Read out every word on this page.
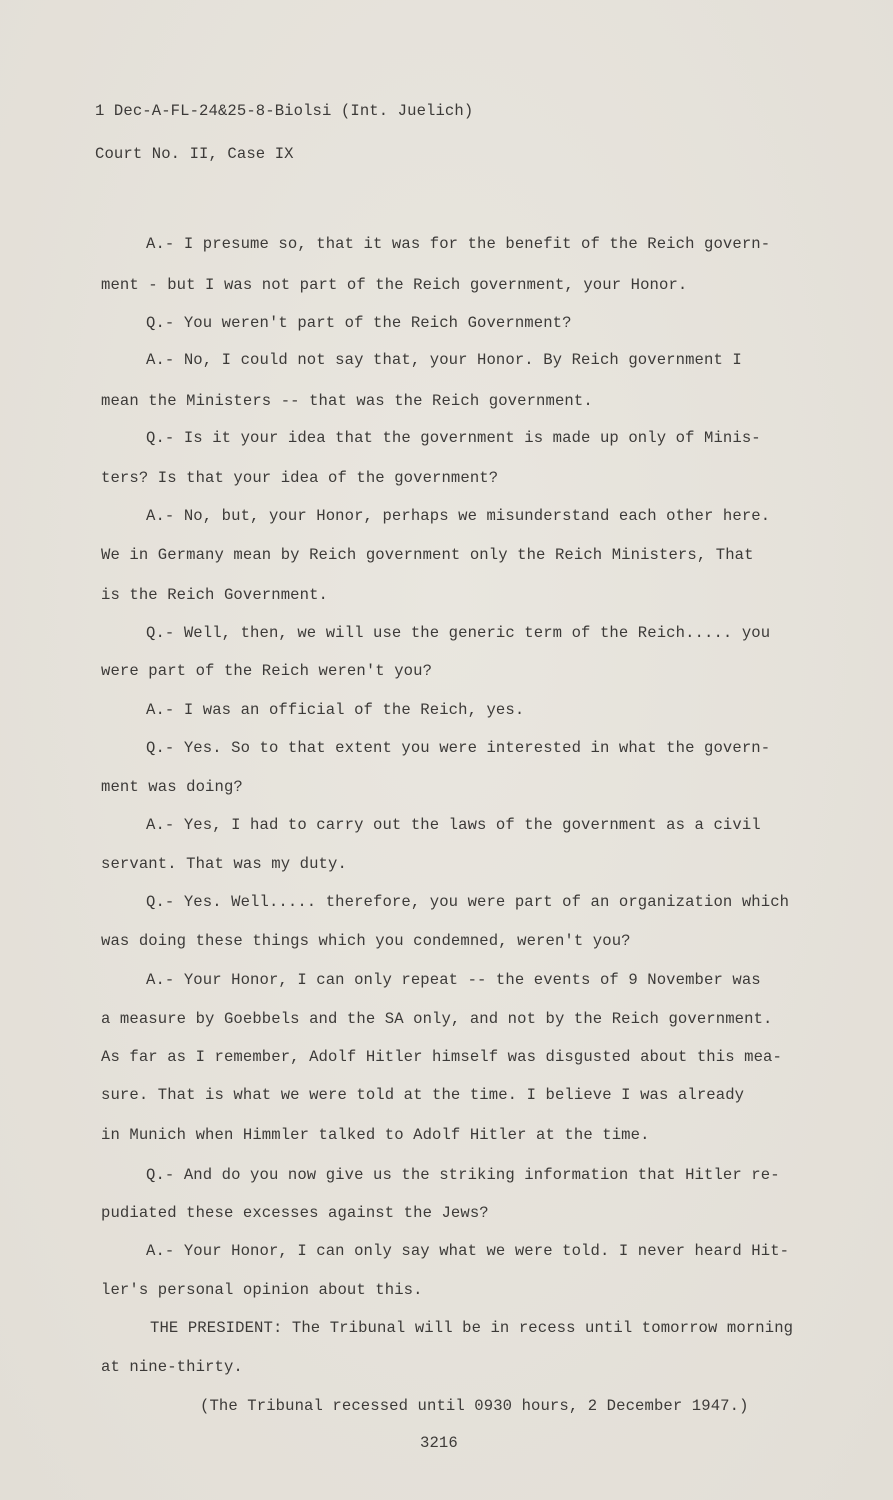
1 Dec-A-FL-24&25-8-Biolsi (Int. Juelich)
Court No. II, Case IX
A.- I presume so, that it was for the benefit of the Reich govern-
ment - but I was not part of the Reich government, your Honor.
Q.- You weren't part of the Reich Government?
A.- No, I could not say that, your Honor. By Reich government I
mean the Ministers -- that was the Reich government.
Q.- Is it your idea that the government is made up only of Minis-
ters? Is that your idea of the government?
A.- No, but, your Honor, perhaps we misunderstand each other here.
We in Germany mean by Reich government only the Reich Ministers, That
is the Reich Government.
Q.- Well, then, we will use the generic term of the Reich..... you
were part of the Reich weren't you?
A.- I was an official of the Reich, yes.
Q.- Yes. So to that extent you were interested in what the govern-
ment was doing?
A.- Yes, I had to carry out the laws of the government as a civil
servant. That was my duty.
Q.- Yes. Well..... therefore, you were part of an organization which
was doing these things which you condemned, weren't you?
A.- Your Honor, I can only repeat -- the events of 9 November was
a measure by Goebbels and the SA only, and not by the Reich government.
As far as I remember, Adolf Hitler himself was disgusted about this mea-
sure. That is what we were told at the time. I believe I was already
in Munich when Himmler talked to Adolf Hitler at the time.
Q.- And do you now give us the striking information that Hitler re-
pudiated these excesses against the Jews?
A.- Your Honor, I can only say what we were told. I never heard Hit-
ler's personal opinion about this.
THE PRESIDENT: The Tribunal will be in recess until tomorrow morning
at nine-thirty.
(The Tribunal recessed until 0930 hours, 2 December 1947.)
3216
